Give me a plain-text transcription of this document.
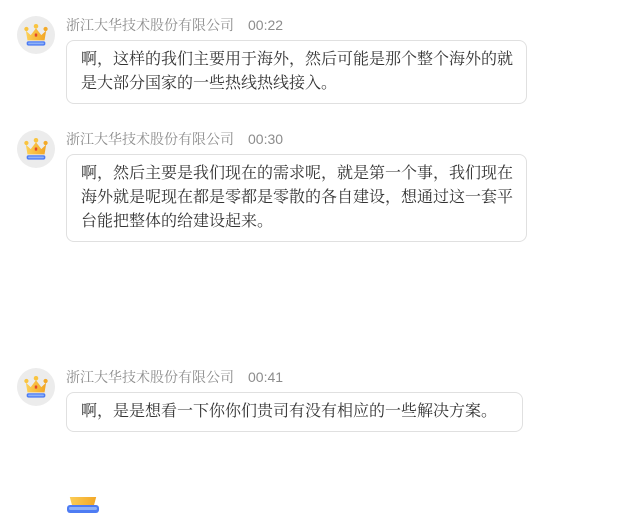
浙江大华技术股份有限公司 00:22
啊，这样的我们主要用于海外，然后可能是那个整个海外的就
是大部分国家的一些热线热线接入。
浙江大华技术股份有限公司 00:30
啊，然后主要是我们现在的需求呢，就是第一个事，我们现在
海外就是呢现在都是零都是零散的各自建设，想通过这一套平
台能把整体的给建设起来。
浙江大华技术股份有限公司 00:41
啊，是是想看一下你你们贵司有没有相应的一些解决方案。
